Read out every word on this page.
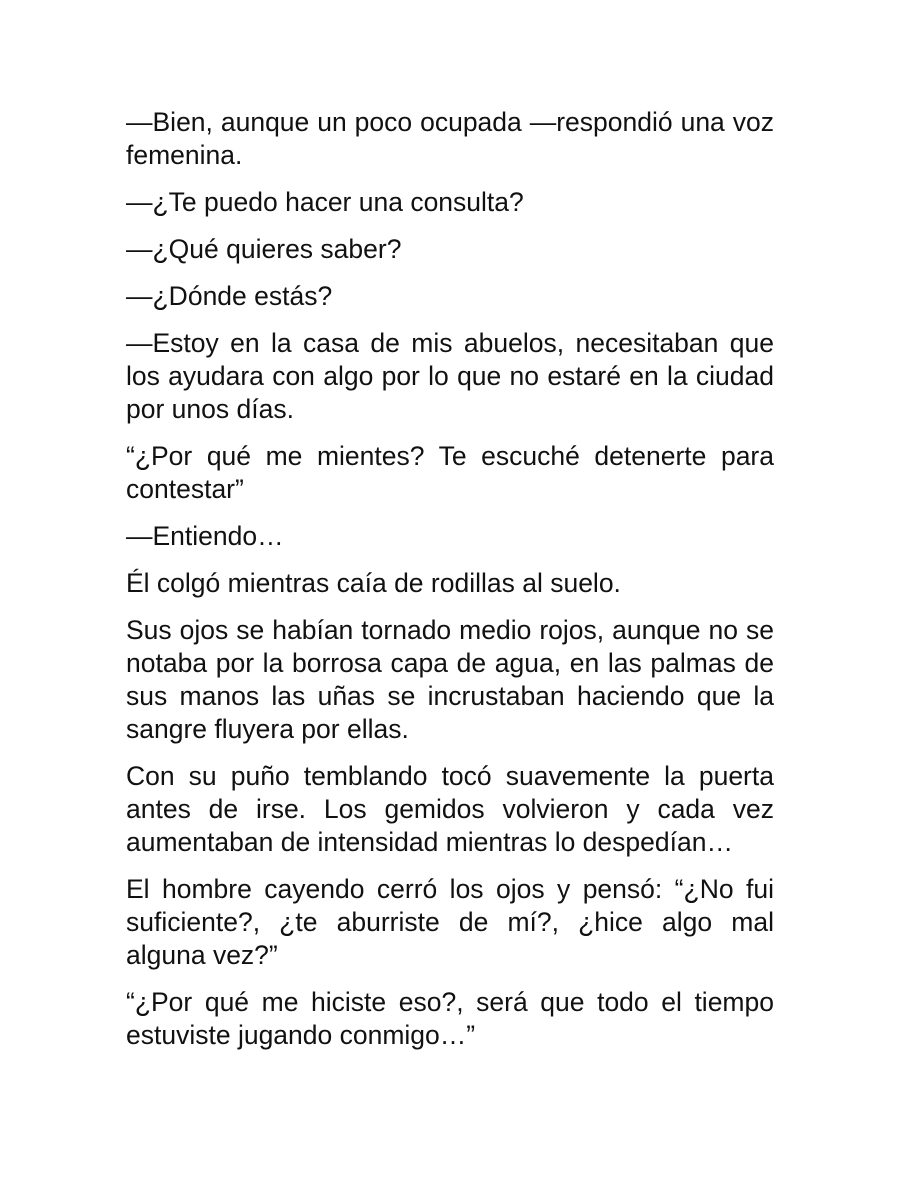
—Bien, aunque un poco ocupada —respondió una voz femenina.

—¿Te puedo hacer una consulta?

—¿Qué quieres saber?

—¿Dónde estás?

—Estoy en la casa de mis abuelos, necesitaban que los ayudara con algo por lo que no estaré en la ciudad por unos días.

“¿Por qué me mientes? Te escuché detenerte para contestar”

—Entiendo…

Él colgó mientras caía de rodillas al suelo.

Sus ojos se habían tornado medio rojos, aunque no se notaba por la borrosa capa de agua, en las palmas de sus manos las uñas se incrustaban haciendo que la sangre fluyera por ellas.

Con su puño temblando tocó suavemente la puerta antes de irse. Los gemidos volvieron y cada vez aumentaban de intensidad mientras lo despedían…

El hombre cayendo cerró los ojos y pensó: “¿No fui suficiente?, ¿te aburriste de mí?, ¿hice algo mal alguna vez?”

“¿Por qué me hiciste eso?, será que todo el tiempo estuviste jugando conmigo…”
